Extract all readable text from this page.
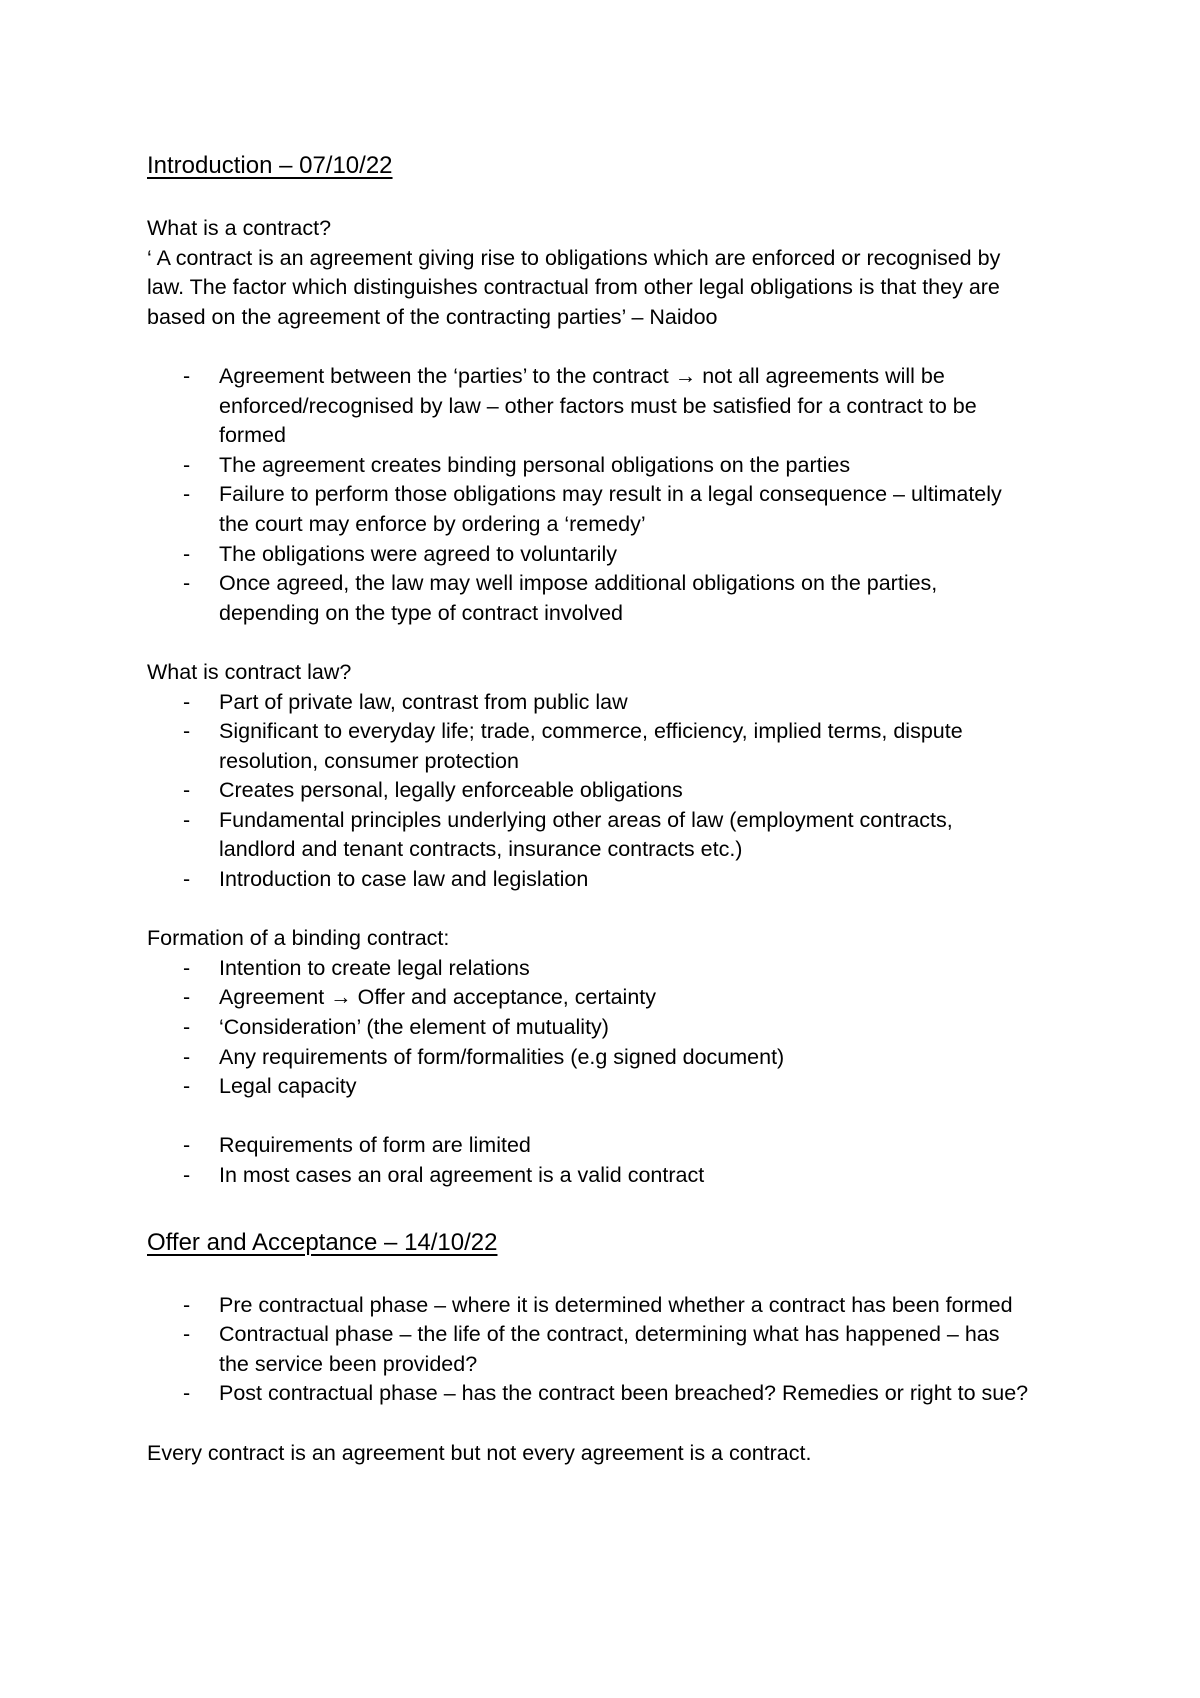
Introduction – 07/10/22

What is a contract?

‘ A contract is an agreement giving rise to obligations which are enforced or recognised by
law. The factor which distinguishes contractual from other legal obligations is that they are
based on the agreement of the contracting parties’ – Naidoo
- Agreement between the ‘parties’ to the contract → not all agreements will be
enforced/recognised by law – other factors must be satisfied for a contract to be
formed
- The agreement creates binding personal obligations on the parties
- Failure to perform those obligations may result in a legal consequence – ultimately
the court may enforce by ordering a ‘remedy’
- The obligations were agreed to voluntarily
- Once agreed, the law may well impose additional obligations on the parties,
depending on the type of contract involved

What is contract law?

- Part of private law, contrast from public law
- Significant to everyday life; trade, commerce, efficiency, implied terms, dispute
resolution, consumer protection
- Creates personal, legally enforceable obligations
- Fundamental principles underlying other areas of law (employment contracts,
landlord and tenant contracts, insurance contracts etc.)
- Introduction to case law and legislation

Formation of a binding contract:

- Intention to create legal relations
- Agreement → Offer and acceptance, certainty
- ‘Consideration’ (the element of mutuality)
- Any requirements of form/formalities (e.g signed document)
- Legal capacity
- Requirements of form are limited
- In most cases an oral agreement is a valid contract
Offer and Acceptance – 14/10/22
- Pre contractual phase – where it is determined whether a contract has been formed
- Contractual phase – the life of the contract, determining what has happened – has
the service been provided?
- Post contractual phase – has the contract been breached? Remedies or right to sue?

Every contract is an agreement but not every agreement is a contract.
